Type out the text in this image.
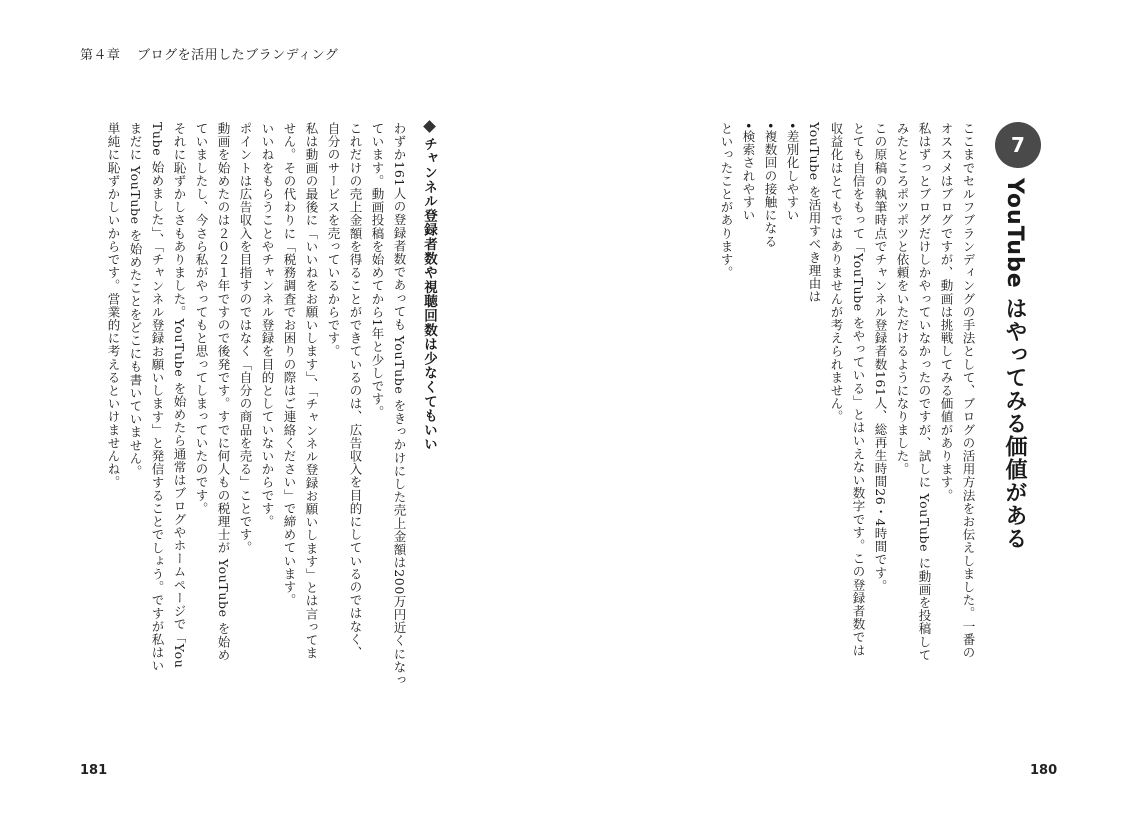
第４章 ブログを活用したブランディング
7
YouTube はやってみる価値がある
ここまでセルフブランディングの手法として、ブログの活用方法をお伝えしました。一番の
オススメはブログですが、動画は挑戦してみる価値があります。
私はずっとブログだけしかやっていなかったのですが、試しに YouTube に動画を投稿して
みたところポツポツと依頼をいただけるようになりました。
この原稿の執筆時点でチャンネル登録者数161人、総再生時間26・4時間です。
とても自信をもって「YouTube をやっている」とはいえない数字です。この登録者数では
収益化はとてもではありませんが考えられません。
YouTube を活用すべき理由は
•差別化しやすい
•複数回の接触になる
•検索されやすい
といったことがあります。
180
チャンネル登録者数や視聴回数は少なくてもいい
わずか161人の登録者数であっても YouTube をきっかけにした売上金額は200万円近くになっ
ています。動画投稿を始めてから1年と少しです。
これだけの売上金額を得ることができているのは、広告収入を目的にしているのではなく、
自分のサービスを売っているからです。
私は動画の最後に「いいねをお願いします」、「チャンネル登録お願いします」とは言ってま
せん。その代わりに「税務調査でお困りの際はご連絡ください」で締めています。
いいねをもらうことやチャンネル登録を目的としていないからです。
ポイントは広告収入を目指すのではなく「自分の商品を売る」ことです。
動画を始めたのは２０２１年ですので後発です。すでに何人もの税理士が YouTube を始め
ていましたし、今さら私がやってもと思ってしまっていたのです。
それに恥ずかしさもありました。YouTube を始めたら通常はブログやホームページで「You
Tube 始めました」、「チャンネル登録お願いします」と発信することでしょう。ですが私はい
まだに YouTube を始めたことをどこにも書いていません。
単純に恥ずかしいからです。営業的に考えるといけませんね。
181
